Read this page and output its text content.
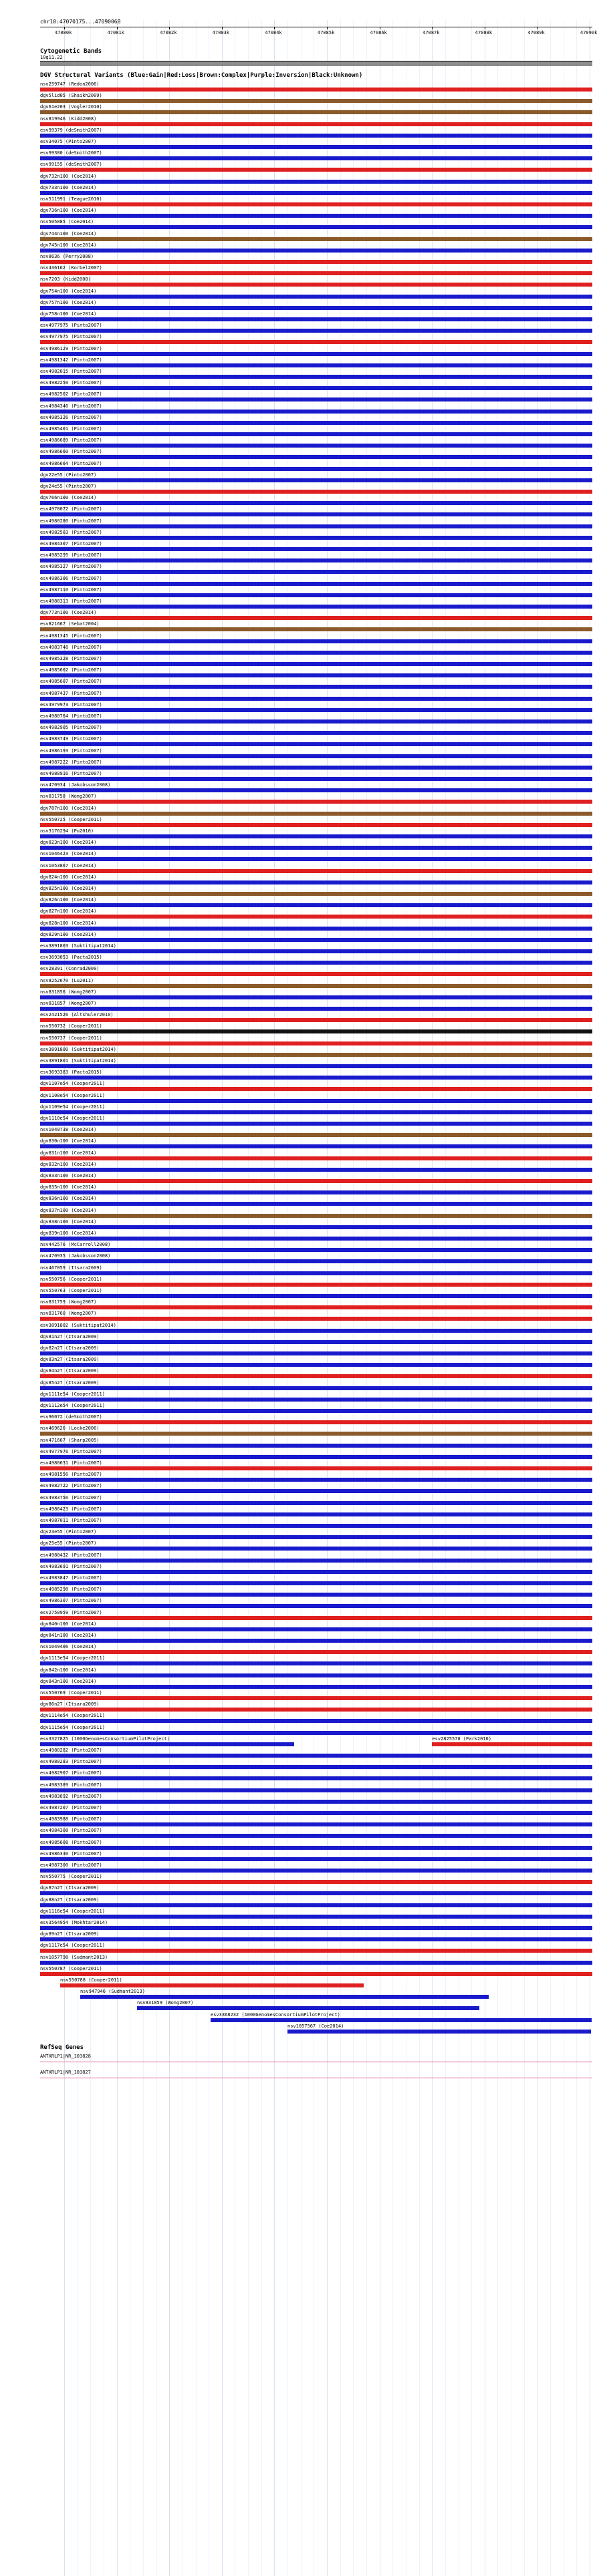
chr10:47070175...47090068
47080k	47081k	47082k	47083k	47084k	47085k	47086k	47087k	47088k	47089k	47090k
Cytogenetic Bands
10q11.22
DGV Structural Variants (Blue:Gain|Red:Loss|Brown:Complex|Purple:Inversion|Black:Unknown)
nsv259747 (Redon2006)
dgv5lid05 (Shaikh2009)
dgv61e203 (Vogler2010)
nsv819946 (Kidd2008)
esv99379 (deSmith2007)
esv34075 (Pinto2007)
esv99380 (deSmith2007)
esv99155 (deSmith2007)
dgv732n100 (Coe2014)
dgv733n100 (Coe2014)
nsv511991 (Teague2010)
dgv736n100 (Coe2014)
nsv505085 (Coe2014)
dgv744n100 (Coe2014)
dgv745n100 (Coe2014)
nsv8636 (Perry2008)
nsv436162 (Korbel2007)
nsv7203 (Kidd2008)
dgv754n100 (Coe2014)
dgv757n100 (Coe2014)
dgv758n100 (Coe2014)
esv4977975 (Pinto2007)
esv4977975 (Pinto2007)
esv4986129 (Pinto2007)
esv4981342 (Pinto2007)
esv4982015 (Pinto2007)
esv4982250 (Pinto2007)
esv4982502 (Pinto2007)
esv4984346 (Pinto2007)
esv4985326 (Pinto2007)
esv4985401 (Pinto2007)
esv4986689 (Pinto2007)
esv4986660 (Pinto2007)
esv4986664 (Pinto2007)
dgv22e55 (Pinto2007)
dgv24e55 (Pinto2007)
dgv766n100 (Coe2014)
esv4978072 (Pinto2007)
esv4980280 (Pinto2007)
esv4982503 (Pinto2007)
esv4984307 (Pinto2007)
esv4985295 (Pinto2007)
esv4985327 (Pinto2007)
esv4986306 (Pinto2007)
esv4987110 (Pinto2007)
esv4988313 (Pinto2007)
dgv773n100 (Coe2014)
esv821667 (Sebat2004)
esv4981345 (Pinto2007)
esv4983748 (Pinto2007)
esv4985328 (Pinto2007)
esv4985602 (Pinto2007)
esv4985607 (Pinto2007)
esv4987437 (Pinto2007)
esv4979973 (Pinto2007)
esv4980764 (Pinto2007)
esv4982905 (Pinto2007)
esv4983749 (Pinto2007)
esv4986193 (Pinto2007)
esv4987222 (Pinto2007)
esv4988916 (Pinto2007)
nsv470934 (Jakobsson2008)
nsv831758 (Wong2007)
dgv787n100 (Coe2014)
nsv550725 (Cooper2011)
nsv3176294 (Pu2010)
dgv823n100 (Coe2014)
nsv1046423 (Coe2014)
nsv1053867 (Coe2014)
dgv824n100 (Coe2014)
dgv825n100 (Coe2014)
dgv826n100 (Coe2014)
dgv827n100 (Coe2014)
dgv828n100 (Coe2014)
dgv829n100 (Coe2014)
esv3891803 (Suktitipat2014)
esv3693053 (Pacta2015)
esv28391 (Conrad2009)
nsv8252670 (Lu2011)
nsv831856 (Wong2007)
nsv831857 (Wong2007)
esv2421526 (Altshuler2010)
nsv550732 (Cooper2011)
nsv550737 (Cooper2011)
esv3891800 (Suktitipat2014)
esv3891801 (Suktitipat2014)
esv3693383 (Pacta2015)
dgv1107e54 (Cooper2011)
dgv1108e54 (Cooper2011)
dgv1109e54 (Cooper2011)
dgv1110e54 (Cooper2011)
nsv1049738 (Coe2014)
dgv830n100 (Coe2014)
dgv831n100 (Coe2014)
dgv832n100 (Coe2014)
dgv833n100 (Coe2014)
dgv835n100 (Coe2014)
dgv836n100 (Coe2014)
dgv837n100 (Coe2014)
dgv838n100 (Coe2014)
dgv839n100 (Coe2014)
nsv442576 (McCarroll2008)
nsv470935 (Jakobsson2008)
nsv467059 (Itsara2009)
nsv550756 (Cooper2011)
nsv550763 (Cooper2011)
nsv831759 (Wong2007)
nsv831760 (Wong2007)
esv3891802 (Suktitipat2014)
dgv81n27 (Itsara2009)
dgv82n27 (Itsara2009)
dgv83n27 (Itsara2009)
dgv84n27 (Itsara2009)
dgv85n27 (Itsara2009)
dgv1111e54 (Cooper2011)
dgv1112e54 (Cooper2011)
esv96072 (deSmith2007)
nsv469626 (Locke2006)
nsv471667 (Sharp2005)
esv4977976 (Pinto2007)
esv4980631 (Pinto2007)
esv4981556 (Pinto2007)
esv4982722 (Pinto2007)
esv4983756 (Pinto2007)
esv4986423 (Pinto2007)
esv4987011 (Pinto2007)
dgv23e55 (Pinto2007)
dgv25e55 (Pinto2007)
esv4980432 (Pinto2007)
esv4983691 (Pinto2007)
esv4983847 (Pinto2007)
esv4985298 (Pinto2007)
esv4986307 (Pinto2007)
esv2750959 (Pinto2007)
dgv840n100 (Coe2014)
dgv841n100 (Coe2014)
nsv1049406 (Coe2014)
dgv1113e54 (Cooper2011)
dgv842n100 (Coe2014)
dgv843n100 (Coe2014)
nsv550769 (Cooper2011)
dgv86n27 (Itsara2009)
dgv1114e54 (Cooper2011)
dgv1115e54 (Cooper2011)
esv3327825 (1000GenomesConsortiumPilotProject)	esv2825570 (Park2010)
esv4980282 (Pinto2007)
esv4980283 (Pinto2007)
esv4982907 (Pinto2007)
esv4983389 (Pinto2007)
esv4983692 (Pinto2007)
esv4987207 (Pinto2007)
esv4983988 (Pinto2007)
esv4984308 (Pinto2007)
esv4985608 (Pinto2007)
esv4986330 (Pinto2007)
esv4987300 (Pinto2007)
nsv550775 (Cooper2011)
dgv87n27 (Itsara2009)
dgv88n27 (Itsara2009)
dgv1116e54 (Cooper2011)
esv3564954 (Mokhtar2014)
dgv89n27 (Itsara2009)
dgv1117e54 (Cooper2011)
nsv1057798 (Sudmant2013)
nsv550787 (Cooper2011)
nsv550788 (Cooper2011)
nsv947946 (Sudmant2013)
nsv831859 (Wong2007)
esv3368232 (1000GenomesConsortiumPilotProject)
nsv1057567 (Coe2014)
RefSeq Genes
ANTXRLP1|NR_103828
ANTXRLP1|NR_103827
